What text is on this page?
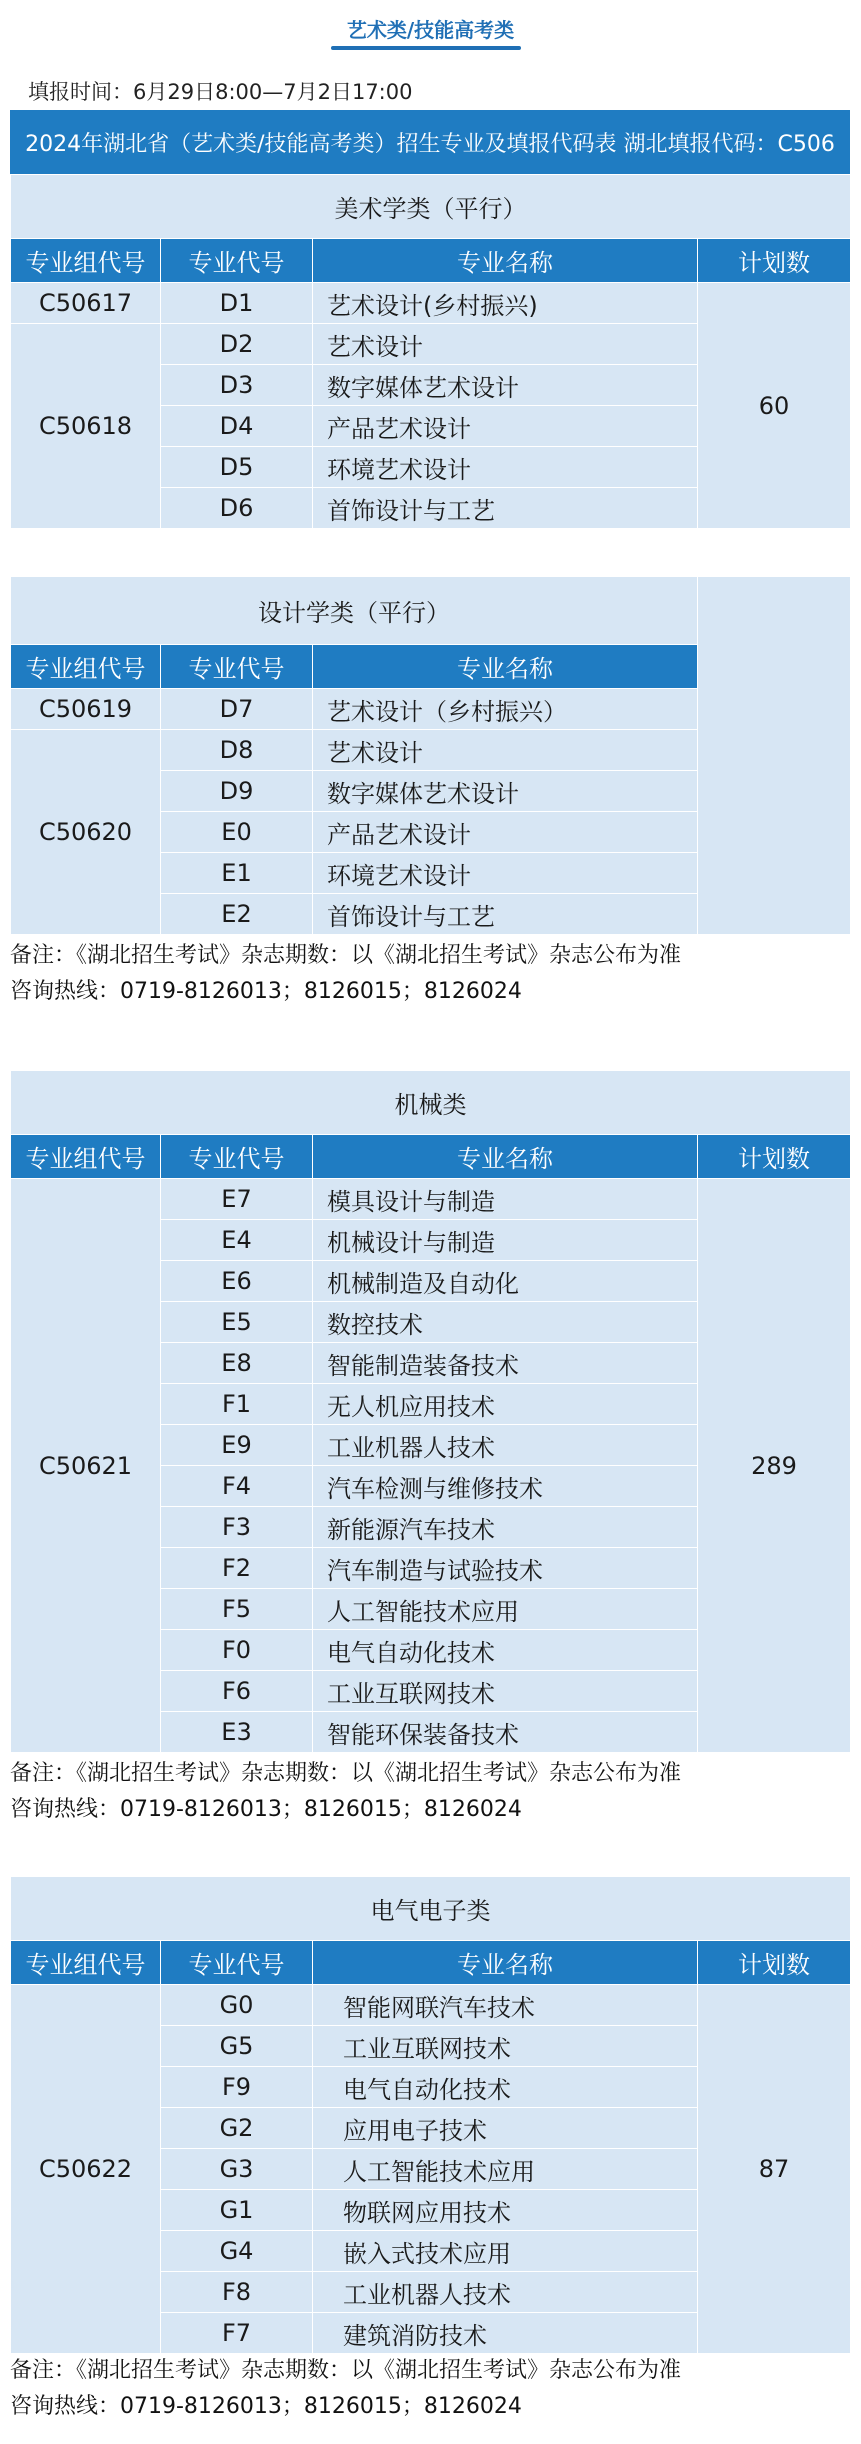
艺术类/技能高考类
填报时间：6月29日8:00—7月2日17:00
2024年湖北省（艺术类/技能高考类）招生专业及填报代码表 湖北填报代码：C506
美术学类（平行）			
专业组代号	专业代号	专业名称	计划数
C50617	D1	艺术设计(乡村振兴)	60
C50618	D2	艺术设计	
	D3	数字媒体艺术设计	
	D4	产品艺术设计	
	D5	环境艺术设计	
	D6	首饰设计与工艺	
设计学类（平行）			
专业组代号	专业代号	专业名称	
C50619	D7	艺术设计（乡村振兴）	
C50620	D8	艺术设计	
	D9	数字媒体艺术设计	
	E0	产品艺术设计	
	E1	环境艺术设计	
	E2	首饰设计与工艺	
备注：《湖北招生考试》杂志期数：以《湖北招生考试》杂志公布为准
咨询热线：0719-8126013；8126015；8126024
机械类			
专业组代号	专业代号	专业名称	计划数
C50621	E7	模具设计与制造	289
	E4	机械设计与制造	
	E6	机械制造及自动化	
	E5	数控技术	
	E8	智能制造装备技术	
	F1	无人机应用技术	
	E9	工业机器人技术	
	F4	汽车检测与维修技术	
	F3	新能源汽车技术	
	F2	汽车制造与试验技术	
	F5	人工智能技术应用	
	F0	电气自动化技术	
	F6	工业互联网技术	
	E3	智能环保装备技术	
备注：《湖北招生考试》杂志期数：以《湖北招生考试》杂志公布为准
咨询热线：0719-8126013；8126015；8126024
电气电子类			
专业组代号	专业代号	专业名称	计划数
C50622	G0	智能网联汽车技术	87
	G5	工业互联网技术	
	F9	电气自动化技术	
	G2	应用电子技术	
	G3	人工智能技术应用	
	G1	物联网应用技术	
	G4	嵌入式技术应用	
	F8	工业机器人技术	
	F7	建筑消防技术	
备注：《湖北招生考试》杂志期数：以《湖北招生考试》杂志公布为准
咨询热线：0719-8126013；8126015；8126024
